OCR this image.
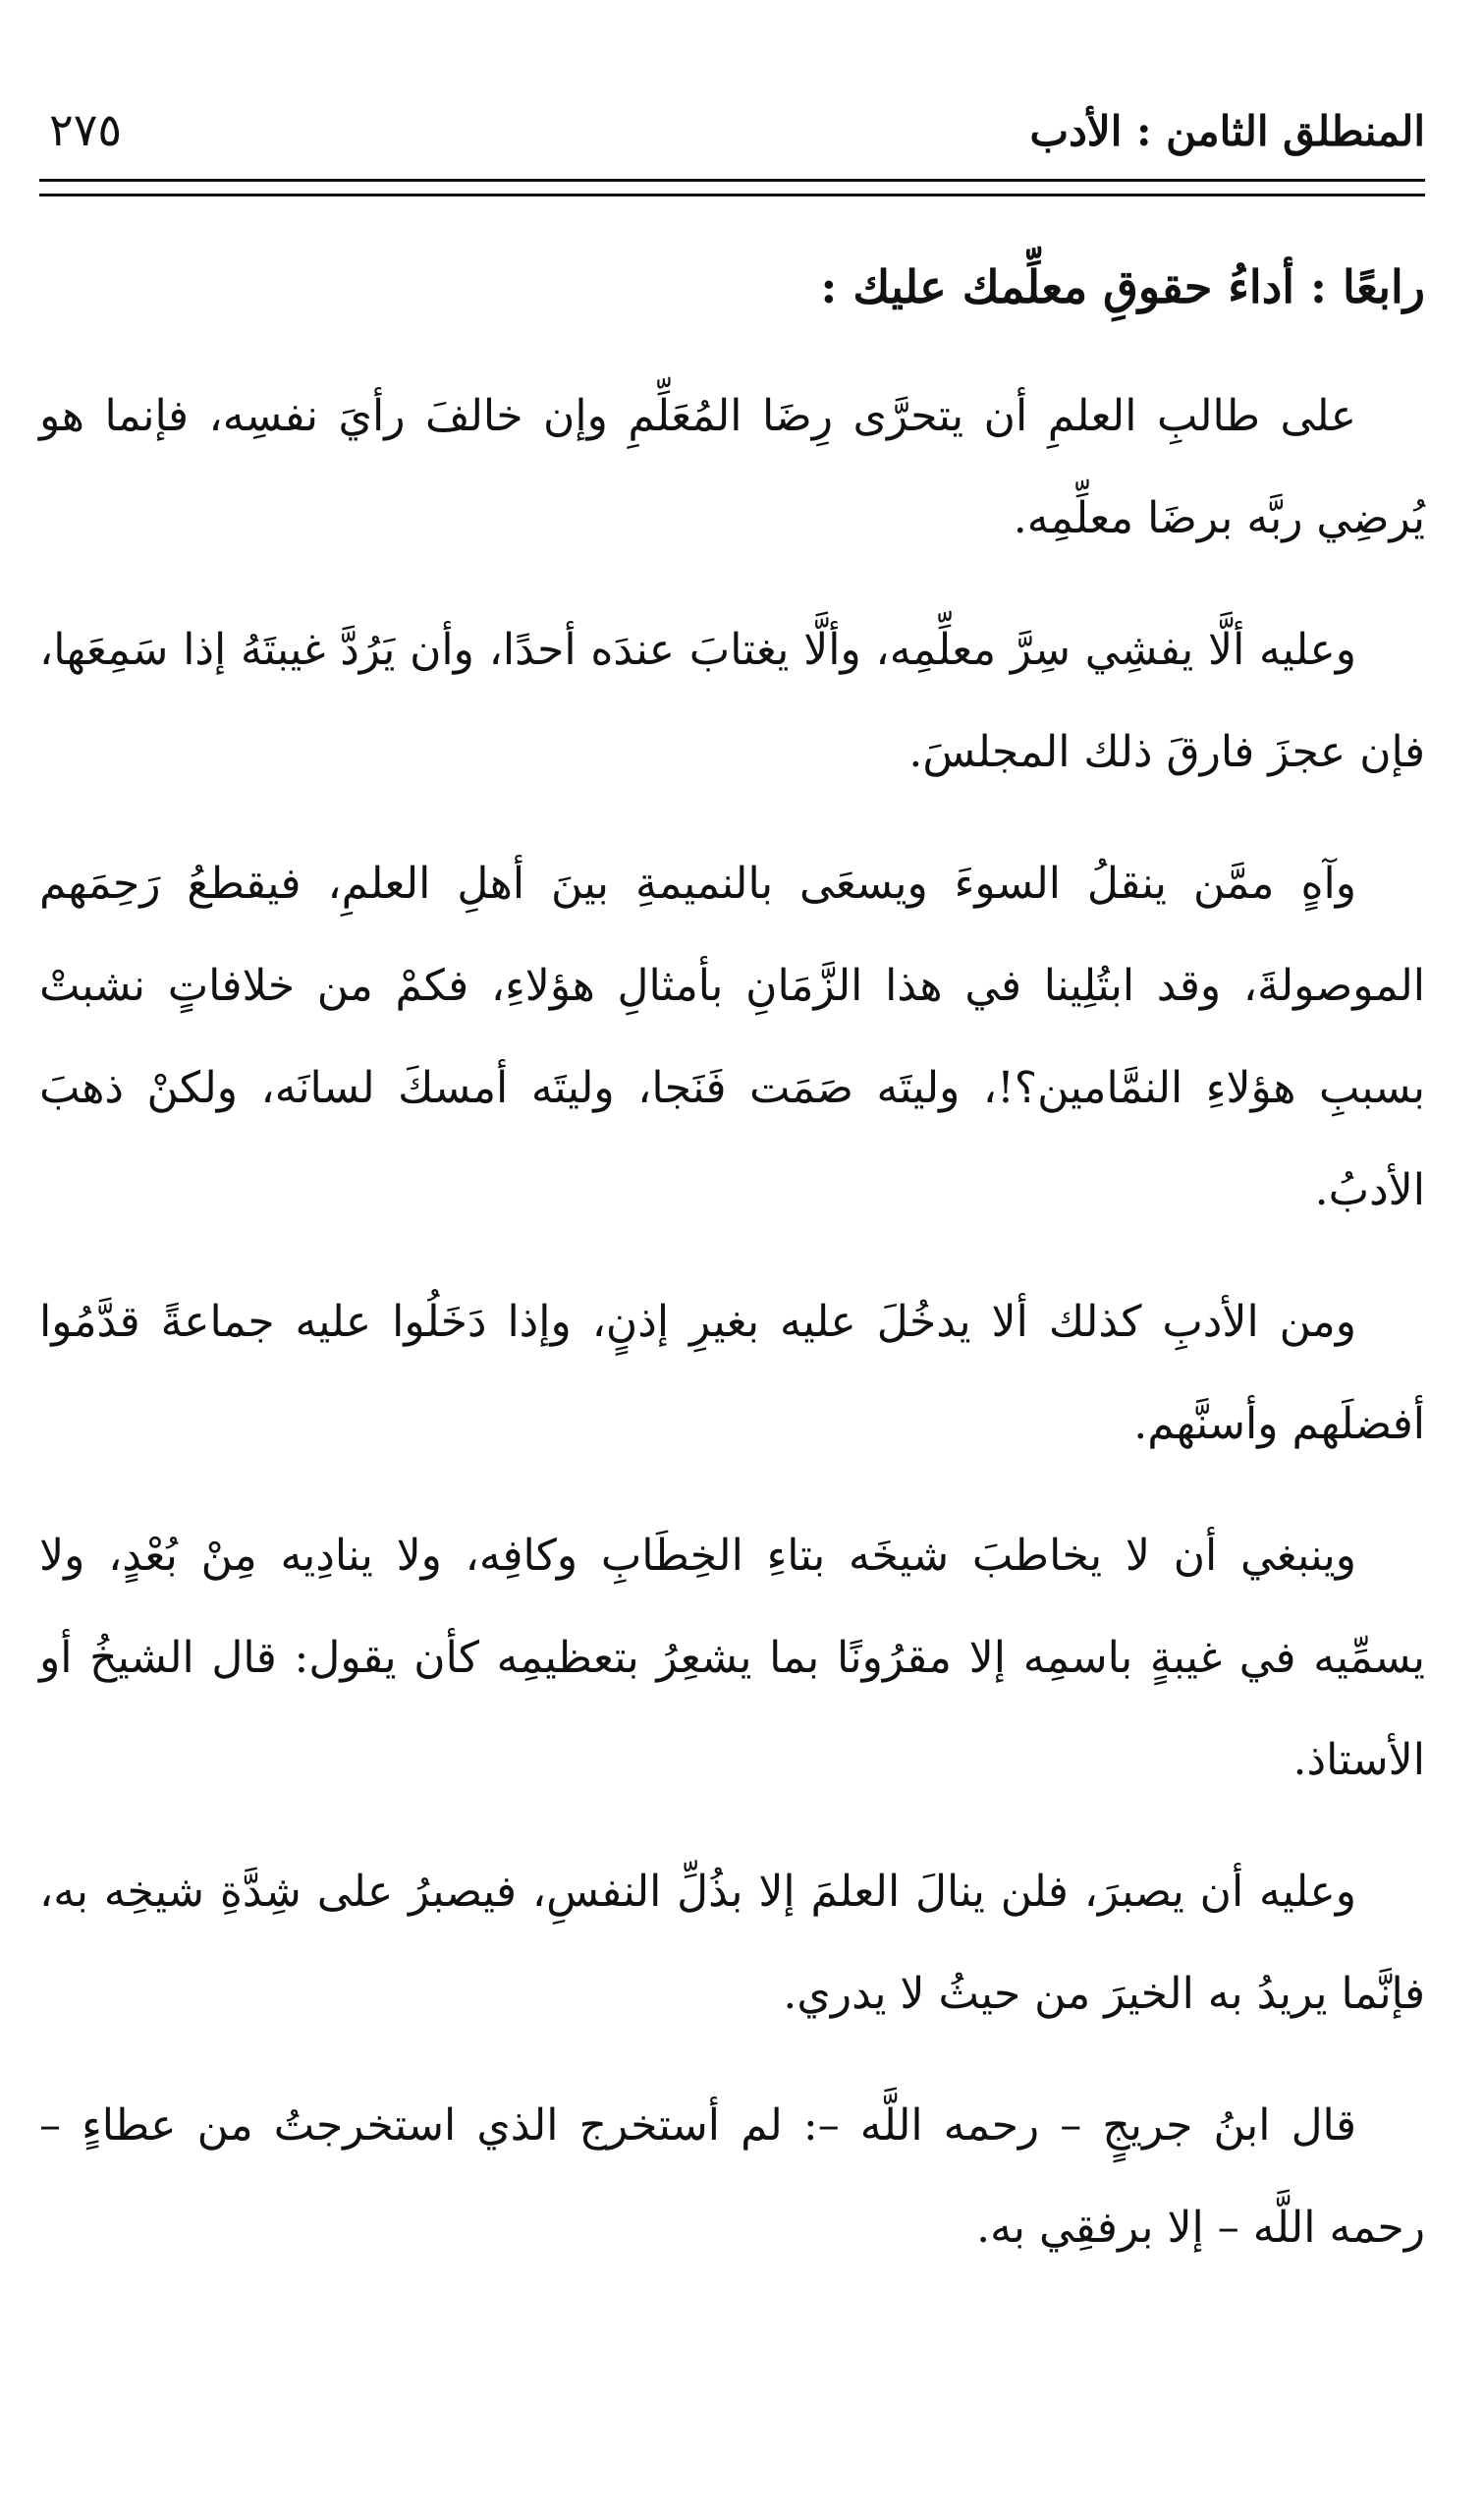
المنطلق الثامن : الأدب
٢٧٥
رابعًا : أداءُ حقوقِ معلِّمك عليك :

على طالبِ العلمِ أن يتحرَّى رِضَا المُعَلِّمِ وإن خالفَ رأيَ نفسِه، فإنما هو يُرضِي ربَّه برضَا معلِّمِه.

وعليه ألَّا يفشِي سِرَّ معلِّمِه، وألَّا يغتابَ عندَه أحدًا، وأن يَرُدَّ غيبتَهُ إذا سَمِعَها، فإن عجزَ فارقَ ذلك المجلسَ.

وآهٍ ممَّن ينقلُ السوءَ ويسعَى بالنميمةِ بينَ أهلِ العلمِ، فيقطعُ رَحِمَهم الموصولةَ، وقد ابتُلِينا في هذا الزَّمَانِ بأمثالِ هؤلاءِ، فكمْ من خلافاتٍ نشبتْ بسببِ هؤلاءِ النمَّامين؟!، وليتَه صَمَت فَنَجا، وليتَه أمسكَ لسانَه، ولكنْ ذهبَ الأدبُ.

ومن الأدبِ كذلك ألا يدخُلَ عليه بغيرِ إذنٍ، وإذا دَخَلُوا عليه جماعةً قدَّمُوا أفضلَهم وأسنَّهم.

وينبغي أن لا يخاطبَ شيخَه بتاءِ الخِطَابِ وكافِه، ولا ينادِيه مِنْ بُعْدٍ، ولا يسمِّيه في غيبةٍ باسمِه إلا مقرُونًا بما يشعِرُ بتعظيمِه كأن يقول: قال الشيخُ أو الأستاذ.

وعليه أن يصبرَ، فلن ينالَ العلمَ إلا بذُلِّ النفسِ، فيصبرُ على شِدَّةِ شيخِه به، فإنَّما يريدُ به الخيرَ من حيثُ لا يدري.

قال ابنُ جريجٍ – رحمه اللَّه –: لم أستخرج الذي استخرجتُ من عطاءٍ – رحمه اللَّه – إلا برفقِي به.
